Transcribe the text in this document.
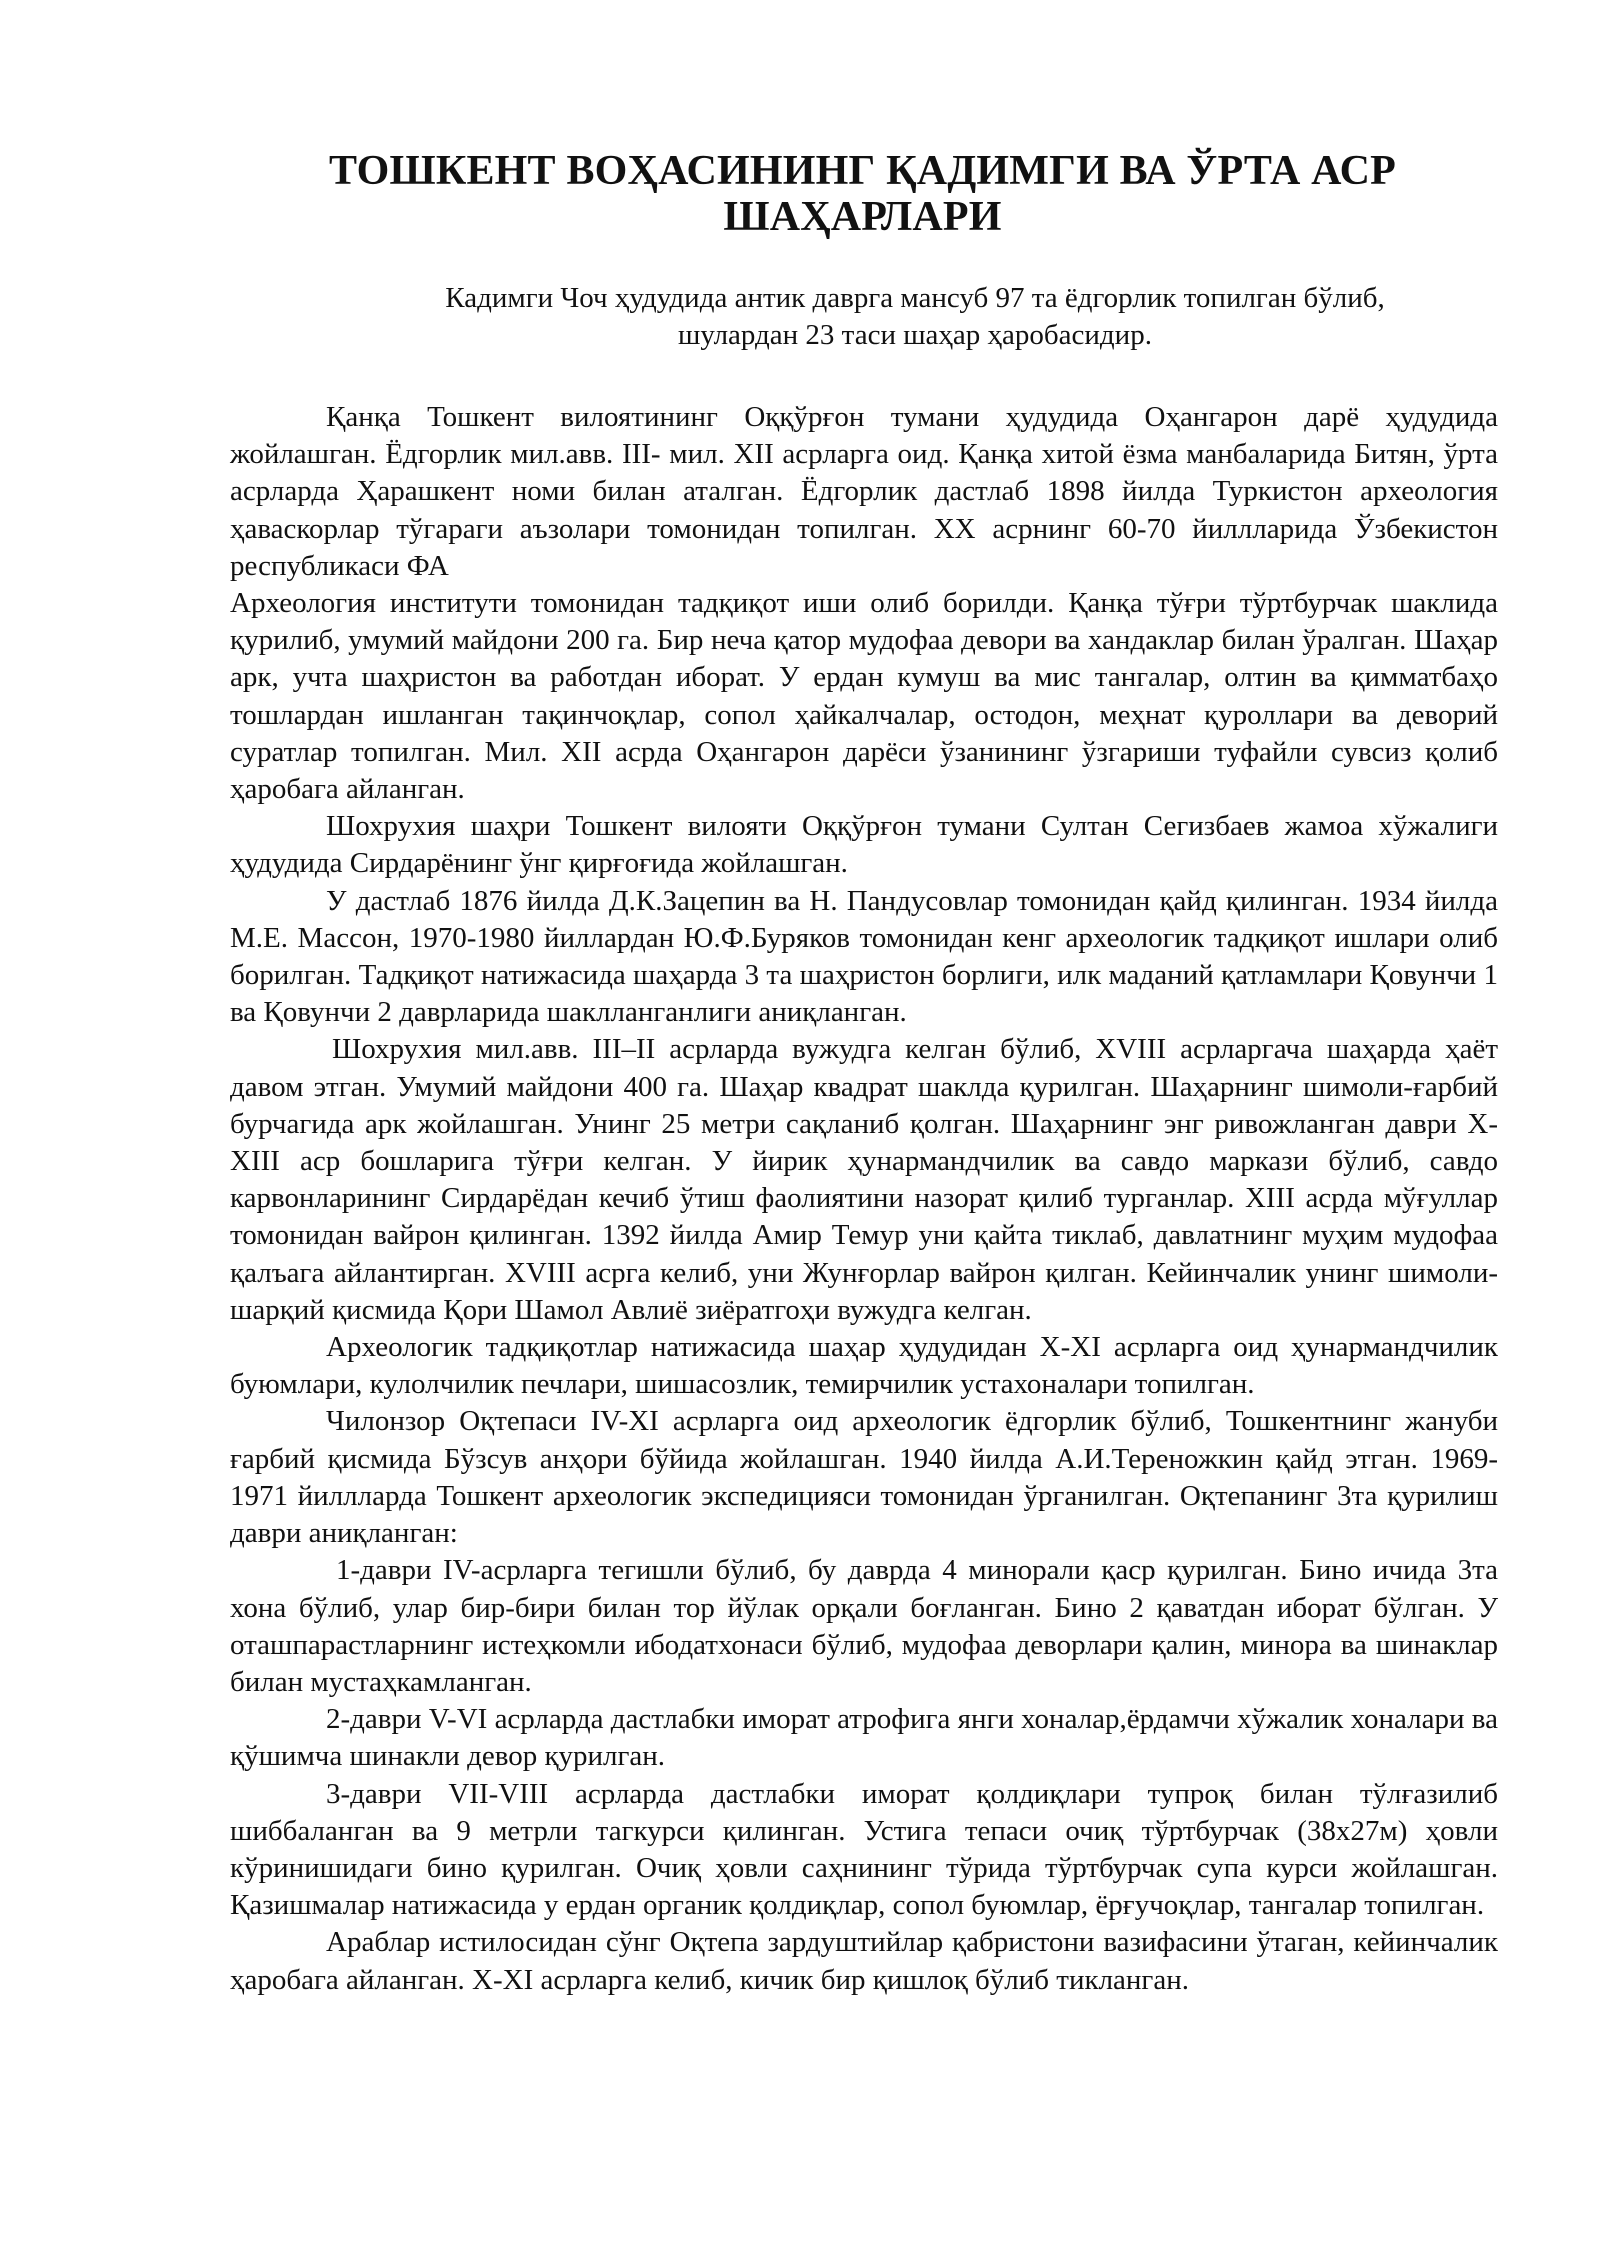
ТОШКЕНТ ВОҲАСИНИНГ ҚАДИМГИ ВА ЎРТА АСР
ШАҲАРЛАРИ
Кадимги Чоч ҳудудида антик даврга мансуб 97 та ёдгорлик топилган бўлиб,
шулардан 23 таси шаҳар ҳаробасидир.

Қанқа Тошкент вилоятининг Оққўрғон тумани ҳудудида Оҳангарон дарё ҳудудида жойлашган. Ёдгорлик мил.авв. III- мил. XII асрларга оид. Қанқа хитой ёзма манбаларида Битян, ўрта асрларда Ҳарашкент номи билан аталган. Ёдгорлик дастлаб 1898 йилда Туркистон археология ҳаваскорлар тўгараги аъзолари томонидан топилган. XX асрнинг 60-70 йиллларида Ўзбекистон республикаси ФА

Археология институти томонидан тадқиқот иши олиб борилди. Қанқа тўғри тўртбурчак шаклида қурилиб, умумий майдони 200 га. Бир неча қатор мудофаа девори ва хандаклар билан ўралган. Шаҳар арк, учта шаҳристон ва работдан иборат. У ердан кумуш ва мис тангалар, олтин ва қимматбаҳо тошлардан ишланган тақинчоқлар, сопол ҳайкалчалар, остодон, меҳнат қуроллари ва деворий суратлар топилган. Мил. XII асрда Оҳангарон дарёси ўзанининг ўзгариши туфайли сувсиз қолиб ҳаробага айланган.

Шохрухия шаҳри Тошкент вилояти Оққўрғон тумани Султан Сегизбаев жамоа хўжалиги ҳудудида Сирдарёнинг ўнг қирғоғида жойлашган.

У дастлаб 1876 йилда Д.К.Зацепин ва Н. Пандусовлар томонидан қайд қилинган. 1934 йилда М.Е. Массон, 1970-1980 йиллардан Ю.Ф.Буряков томонидан кенг археологик тадқиқот ишлари олиб борилган. Тадқиқот натижасида шаҳарда 3 та шаҳристон борлиги, илк маданий қатламлари Қовунчи 1 ва Қовунчи 2 даврларида шаклланганлиги аниқланган.

Шохрухия мил.авв. III–II асрларда вужудга келган бўлиб, XVIII асрларгача шаҳарда ҳаёт давом этган. Умумий майдони 400 га. Шаҳар квадрат шаклда қурилган. Шаҳарнинг шимоли-ғарбий бурчагида арк жойлашган. Унинг 25 метри сақланиб қолган. Шаҳарнинг энг ривожланган даври X- XIII аср бошларига тўғри келган. У йирик ҳунармандчилик ва савдо маркази бўлиб, савдо карвонларининг Сирдарёдан кечиб ўтиш фаолиятини назорат қилиб турганлар. XIII асрда мўғуллар томонидан вайрон қилинган. 1392 йилда Амир Темур уни қайта тиклаб, давлатнинг муҳим мудофаа қалъага айлантирган. XVIII асрга келиб, уни Жунғорлар вайрон қилган. Кейинчалик унинг шимоли-шарқий қисмида Қори Шамол Авлиё зиёратгоҳи вужудга келган.

Археологик тадқиқотлар натижасида шаҳар ҳудудидан X-XI асрларга оид ҳунармандчилик буюмлари, кулолчилик печлари, шишасозлик, темирчилик устахоналари топилган.

Чилонзор Оқтепаси IV-XI асрларга оид археологик ёдгорлик бўлиб, Тошкентнинг жануби ғарбий қисмида Бўзсув анҳори бўйида жойлашган. 1940 йилда А.И.Тереножкин қайд этган. 1969- 1971 йиллларда Тошкент археологик экспедицияси томонидан ўрганилган. Оқтепанинг 3та қурилиш даври аниқланган:

1-даври IV-асрларга тегишли бўлиб, бу даврда 4 минорали қаср қурилган. Бино ичида 3та хона бўлиб, улар бир-бири билан тор йўлак орқали боғланган. Бино 2 қаватдан иборат бўлган. У оташпарастларнинг истеҳкомли ибодатхонаси бўлиб, мудофаа деворлари қалин, минора ва шинаклар билан мустаҳкамланган.

2-даври V-VI асрларда дастлабки иморат атрофига янги хоналар,ёрдамчи хўжалик хоналари ва қўшимча шинакли девор қурилган.

3-даври VII-VIII асрларда дастлабки иморат қолдиқлари тупроқ билан тўлғазилиб шиббаланган ва 9 метрли тагкурси қилинган. Устига тепаси очиқ тўртбурчак (38х27м) ҳовли кўринишидаги бино қурилган. Очиқ ҳовли саҳнининг тўрида тўртбурчак супа курси жойлашган. Қазишмалар натижасида у ердан органик қолдиқлар, сопол буюмлар, ёрғучоқлар, тангалар топилган.

Араблар истилосидан сўнг Оқтепа зардуштийлар қабристони вазифасини ўтаган, кейинчалик ҳаробага айланган. X-XI асрларга келиб, кичик бир қишлоқ бўлиб тикланган.
